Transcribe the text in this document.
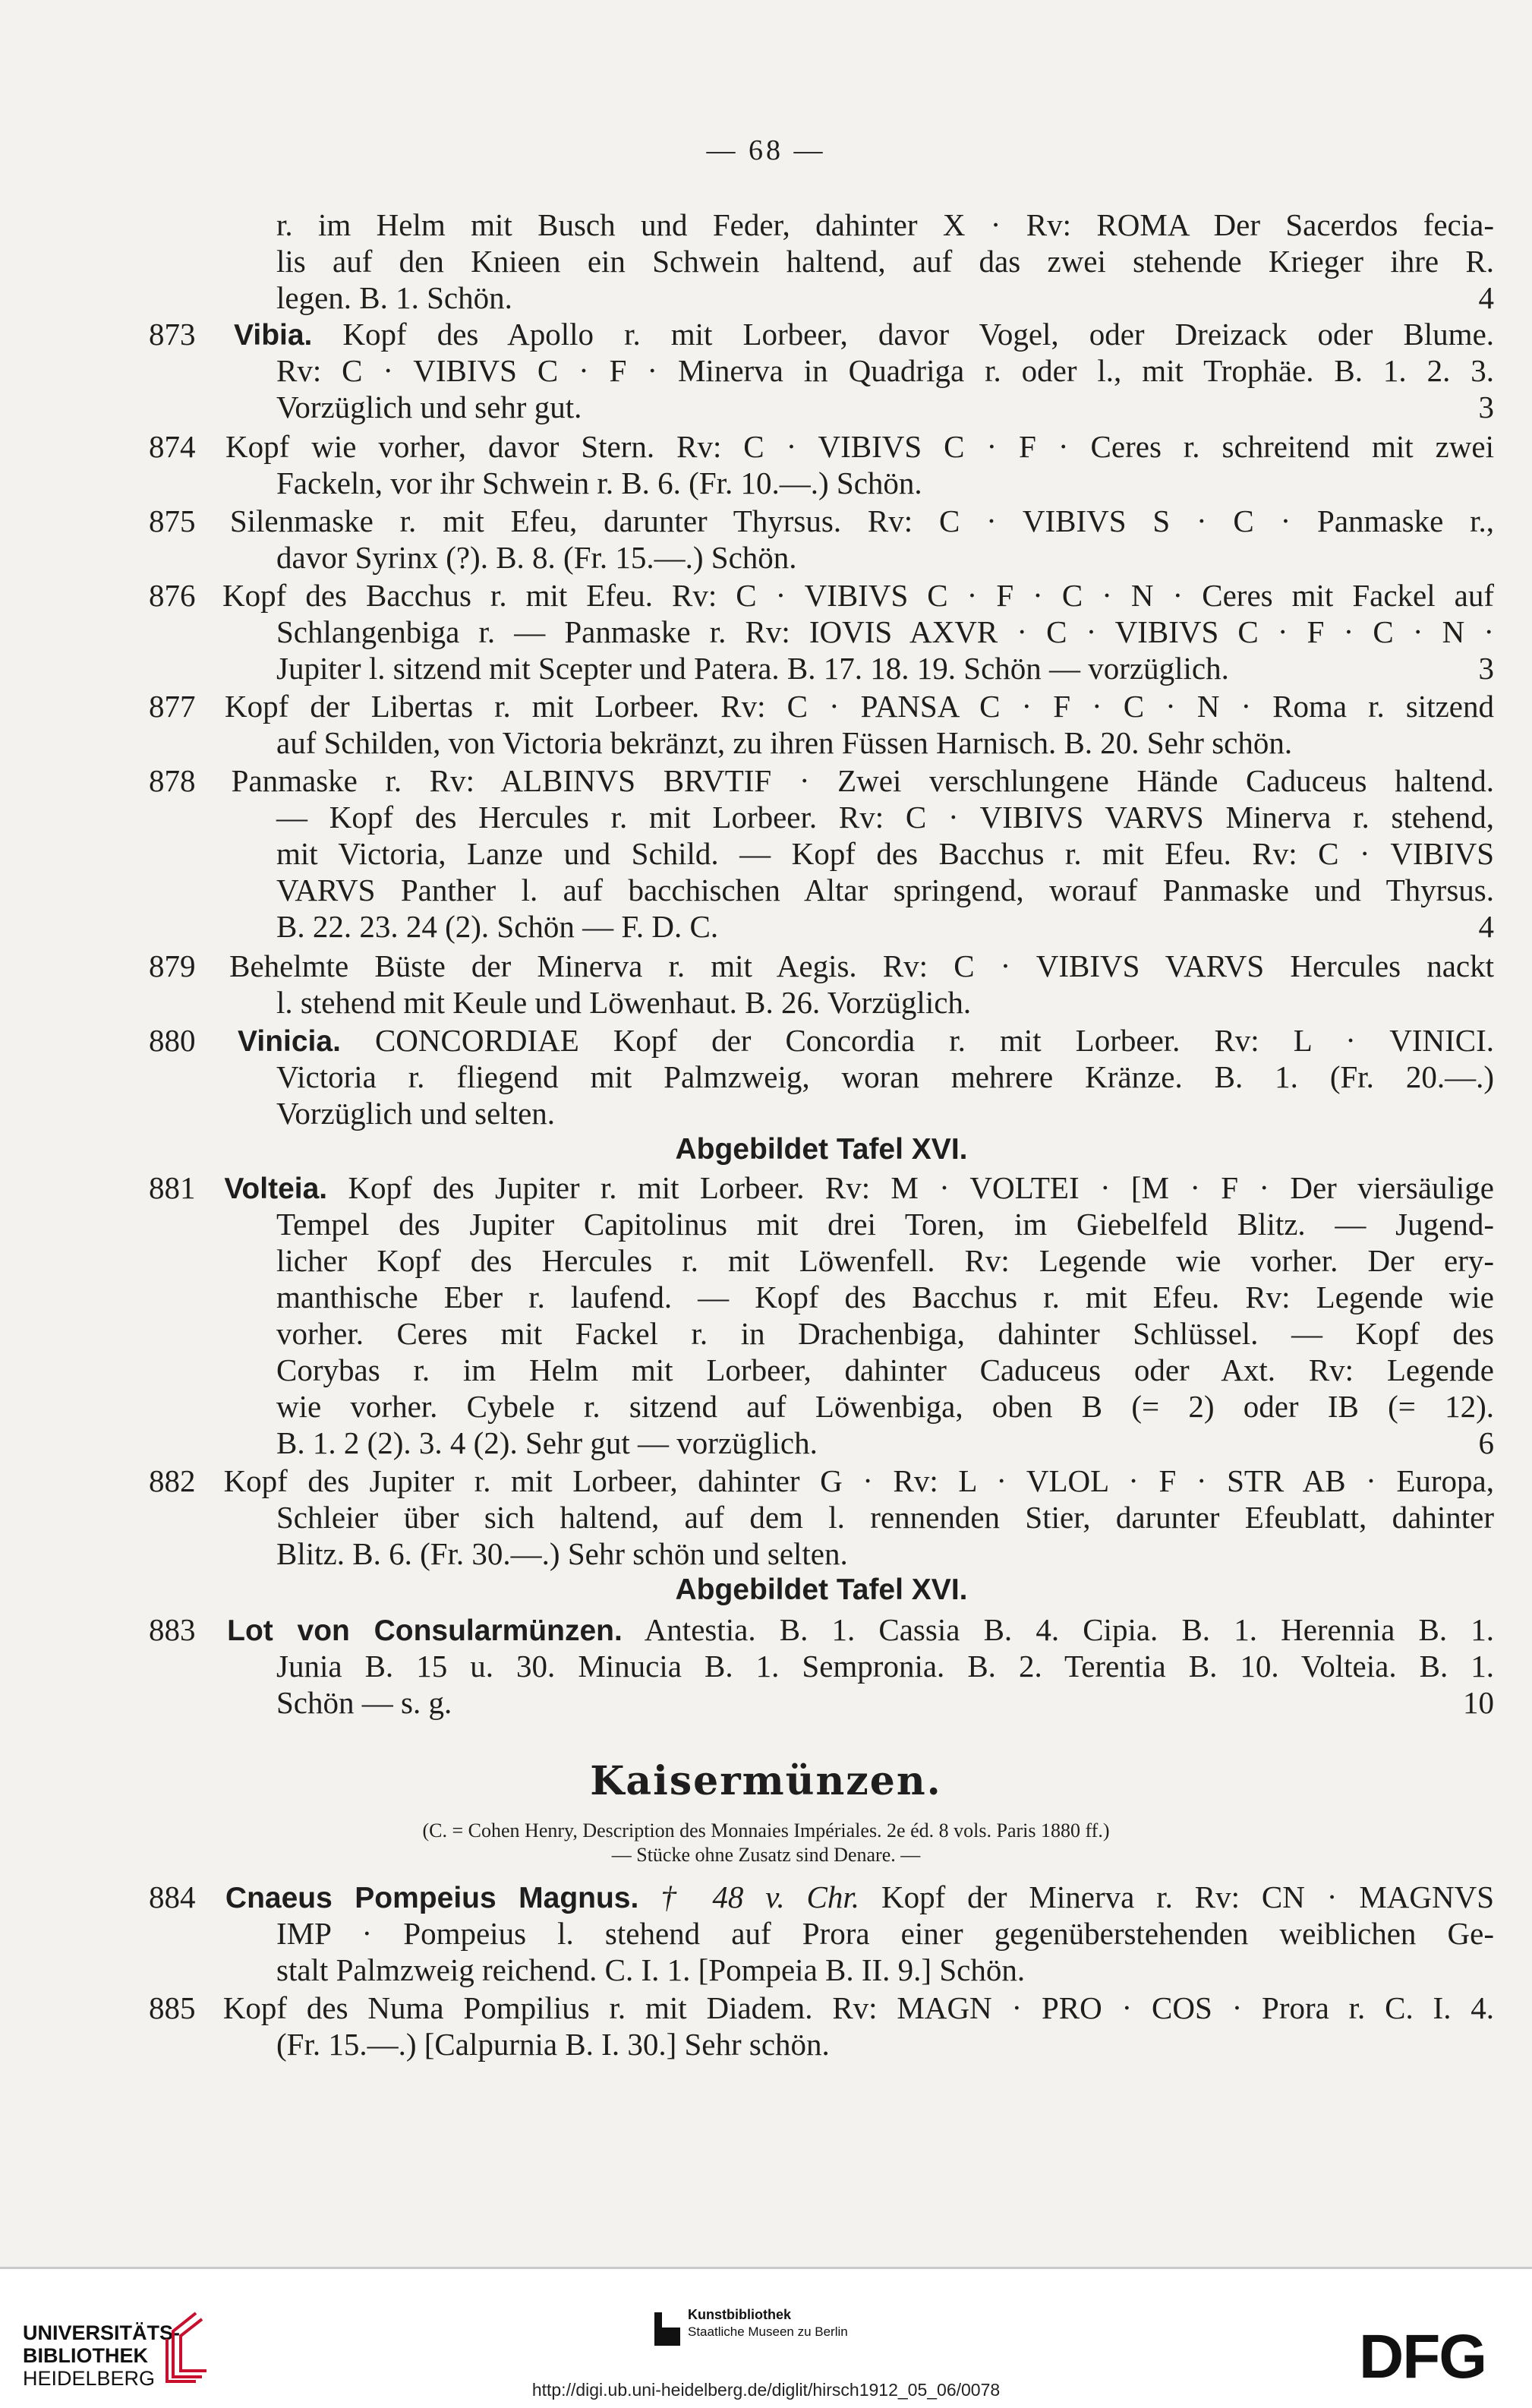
— 68 —
r. im Helm mit Busch und Feder, dahinter X · Rv: ROMA Der Sacerdos fecia-
lis auf den Knieen ein Schwein haltend, auf das zwei stehende Krieger ihre R.
legen. B. 1. Schön.	4
873 Vibia. Kopf des Apollo r. mit Lorbeer, davor Vogel, oder Dreizack oder Blume.
Rv: C · VIBIVS C · F · Minerva in Quadriga r. oder l., mit Trophäe. B. 1. 2. 3.
Vorzüglich und sehr gut.	3
874 Kopf wie vorher, davor Stern. Rv: C · VIBIVS C · F · Ceres r. schreitend mit zwei
Fackeln, vor ihr Schwein r. B. 6. (Fr. 10.—.) Schön.
875 Silenmaske r. mit Efeu, darunter Thyrsus. Rv: C · VIBIVS S · C · Panmaske r.,
davor Syrinx (?). B. 8. (Fr. 15.—.) Schön.
876 Kopf des Bacchus r. mit Efeu. Rv: C · VIBIVS C · F · C · N · Ceres mit Fackel auf
Schlangenbiga r. — Panmaske r. Rv: IOVIS AXVR · C · VIBIVS C · F · C · N ·
Jupiter l. sitzend mit Scepter und Patera. B. 17. 18. 19. Schön — vorzüglich.	3
877 Kopf der Libertas r. mit Lorbeer. Rv: C · PANSA C · F · C · N · Roma r. sitzend
auf Schilden, von Victoria bekränzt, zu ihren Füssen Harnisch. B. 20. Sehr schön.
878 Panmaske r. Rv: ALBINVS BRVTIF · Zwei verschlungene Hände Caduceus haltend.
— Kopf des Hercules r. mit Lorbeer. Rv: C · VIBIVS VARVS Minerva r. stehend,
mit Victoria, Lanze und Schild. — Kopf des Bacchus r. mit Efeu. Rv: C · VIBIVS
VARVS Panther l. auf bacchischen Altar springend, worauf Panmaske und Thyrsus.
B. 22. 23. 24 (2). Schön — F. D. C.	4
879 Behelmte Büste der Minerva r. mit Aegis. Rv: C · VIBIVS VARVS Hercules nackt
l. stehend mit Keule und Löwenhaut. B. 26. Vorzüglich.
880 Vinicia. CONCORDIAE Kopf der Concordia r. mit Lorbeer. Rv: L · VINICI.
Victoria r. fliegend mit Palmzweig, woran mehrere Kränze. B. 1. (Fr. 20.—.)
Vorzüglich und selten.
Abgebildet Tafel XVI.
881 Volteia. Kopf des Jupiter r. mit Lorbeer. Rv: M · VOLTEI · [M · F · Der viersäulige
Tempel des Jupiter Capitolinus mit drei Toren, im Giebelfeld Blitz. — Jugend-
licher Kopf des Hercules r. mit Löwenfell. Rv: Legende wie vorher. Der ery-
manthische Eber r. laufend. — Kopf des Bacchus r. mit Efeu. Rv: Legende wie
vorher. Ceres mit Fackel r. in Drachenbiga, dahinter Schlüssel. — Kopf des
Corybas r. im Helm mit Lorbeer, dahinter Caduceus oder Axt. Rv: Legende
wie vorher. Cybele r. sitzend auf Löwenbiga, oben B (= 2) oder IB (= 12).
B. 1. 2 (2). 3. 4 (2). Sehr gut — vorzüglich.	6
882 Kopf des Jupiter r. mit Lorbeer, dahinter G · Rv: L · VLOL · F · STR AB · Europa,
Schleier über sich haltend, auf dem l. rennenden Stier, darunter Efeublatt, dahinter
Blitz. B. 6. (Fr. 30.—.) Sehr schön und selten.
Abgebildet Tafel XVI.
883 Lot von Consularmünzen. Antestia. B. 1. Cassia B. 4. Cipia. B. 1. Herennia B. 1.
Junia B. 15 u. 30. Minucia B. 1. Sempronia. B. 2. Terentia B. 10. Volteia. B. 1.
Schön — s. g.	10
Kaisermünzen.
(C. = Cohen Henry, Description des Monnaies Impériales. 2e éd. 8 vols. Paris 1880 ff.)
— Stücke ohne Zusatz sind Denare. —
884 Cnaeus Pompeius Magnus. † 48 v. Chr. Kopf der Minerva r. Rv: CN · MAGNVS
IMP · Pompeius l. stehend auf Prora einer gegenüberstehenden weiblichen Ge-
stalt Palmzweig reichend. C. I. 1. [Pompeia B. II. 9.] Schön.
885 Kopf des Numa Pompilius r. mit Diadem. Rv: MAGN · PRO · COS · Prora r. C. I. 4.
(Fr. 15.—.) [Calpurnia B. I. 30.] Sehr schön.
UNIVERSITÄTS-
BIBLIOTHEK
HEIDELBERG
Kunstbibliothek
Staatliche Museen zu Berlin	DFG
http://digi.ub.uni-heidelberg.de/diglit/hirsch1912_05_06/0078
